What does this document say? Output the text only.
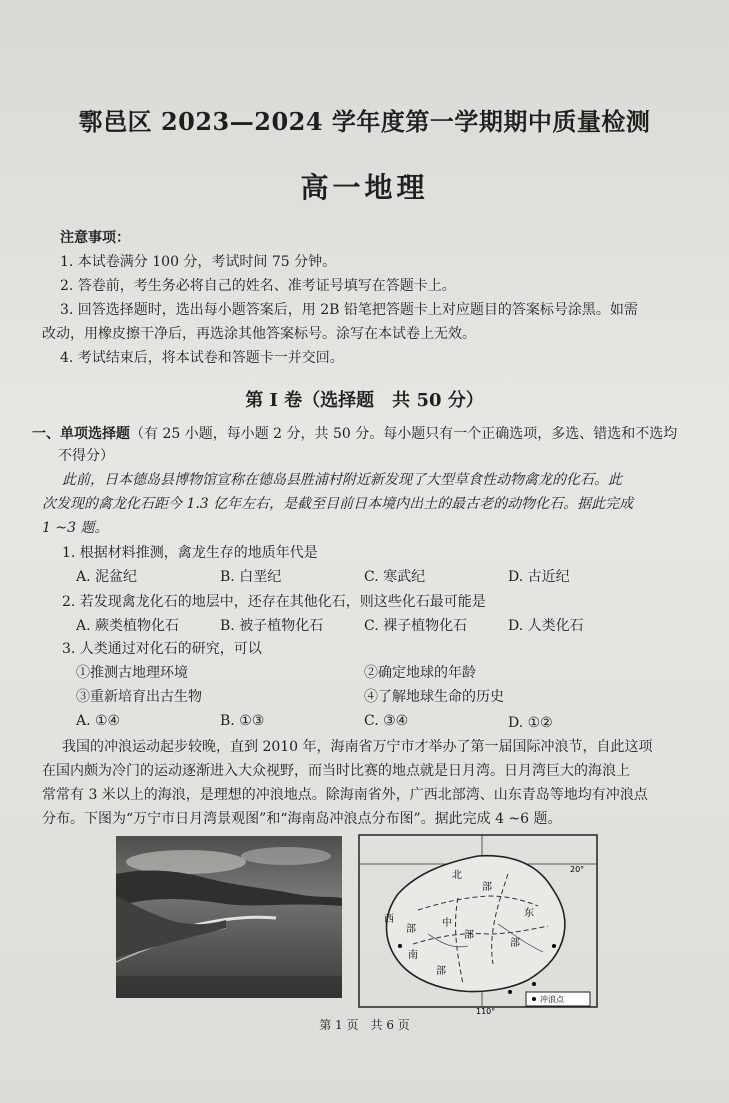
鄠邑区 2023—2024 学年度第一学期期中质量检测
高一地理
注意事项：
1. 本试卷满分 100 分，考试时间 75 分钟。
2. 答卷前，考生务必将自己的姓名、准考证号填写在答题卡上。
3. 回答选择题时，选出每小题答案后，用 2B 铅笔把答题卡上对应题目的答案标号涂黑。如需
改动，用橡皮擦干净后，再选涂其他答案标号。涂写在本试卷上无效。
4. 考试结束后，将本试卷和答题卡一并交回。
第 I 卷（选择题　共 50 分）
一、单项选择题（有 25 小题，每小题 2 分，共 50 分。每小题只有一个正确选项，多选、错选和不选均
不得分）
此前，日本德岛县博物馆宣称在德岛县胜浦村附近新发现了大型草食性动物禽龙的化石。此
次发现的禽龙化石距今 1.3 亿年左右，是截至目前日本境内出土的最古老的动物化石。据此完成
1 ~3 题。
1. 根据材料推测，禽龙生存的地质年代是
A. 泥盆纪	B. 白垩纪	C. 寒武纪	D. 古近纪
2. 若发现禽龙化石的地层中，还存在其他化石，则这些化石最可能是
A. 蕨类植物化石	B. 被子植物化石	C. 裸子植物化石	D. 人类化石
3. 人类通过对化石的研究，可以
①推测古地理环境	②确定地球的年龄
③重新培育出古生物	④了解地球生命的历史
A. ①④	B. ①③	C. ③④	D. ①②
我国的冲浪运动起步较晚，直到 2010 年，海南省万宁市才举办了第一届国际冲浪节，自此这项
在国内颇为冷门的运动逐渐进入大众视野，而当时比赛的地点就是日月湾。日月湾巨大的海浪上
常常有 3 米以上的海浪，是理想的冲浪地点。除海南省外，广西北部湾、山东青岛等地均有冲浪点
分布。下图为“万宁市日月湾景观图”和“海南岛冲浪点分布图”。据此完成 4 ~6 题。
北
部
东
部
西
部
中
部
南
部
20°
110°
冲浪点
第 1 页　共 6 页
